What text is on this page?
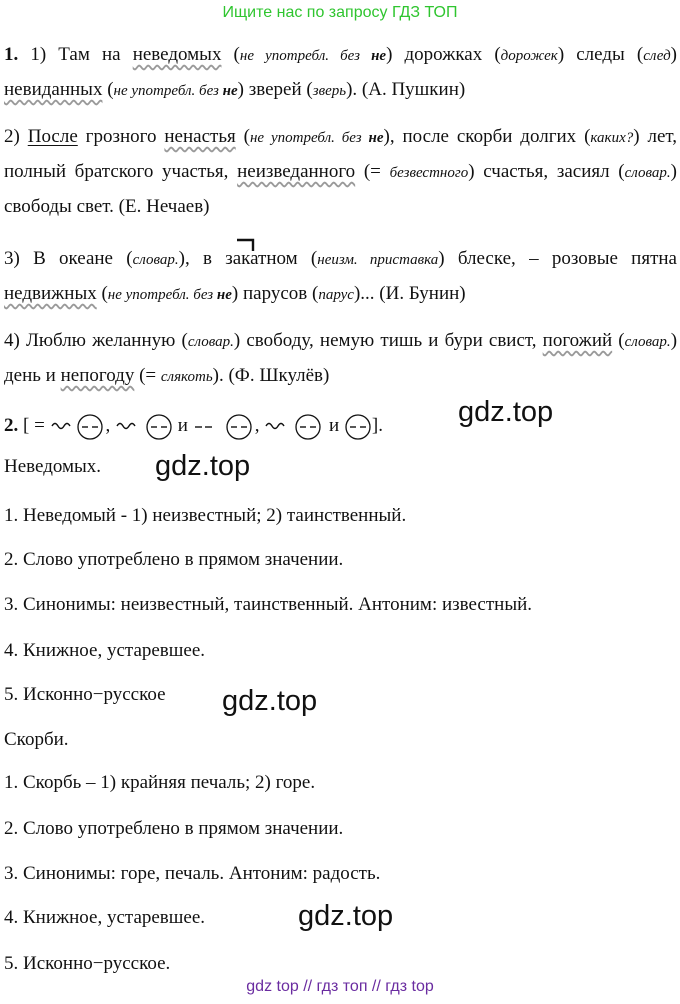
Ищите нас по запросу ГДЗ ТОП
1. 1) Там на неведомых (не употребл. без не) дорожках (дорожек) следы (след) невиданных (не употребл. без не) зверей (зверь). (А. Пушкин)
2) После грозного ненастья (не употребл. без не), после скорби долгих (каких?) лет, полный братского участья, неизведанного (= безвестного) счастья, засиял (словар.) свободы свет. (Е. Нечаев)
3) В океане (словар.), в закатном (неизм. приставка) блеске, – розовые пятна недвижных (не употребл. без не) парусов (парус)... (И. Бунин)
4) Люблю желанную (словар.) свободу, немую тишь и бури свист, погожий (словар.) день и непогоду (= слякоть). (Ф. Шкулёв)
2. [ =	,	и	,	и ].
Неведомых.
1. Неведомый - 1) неизвестный; 2) таинственный.
2. Слово употреблено в прямом значении.
3. Синонимы: неизвестный, таинственный. Антоним: известный.
4. Книжное, устаревшее.
5. Исконно−русское
Скорби.
1. Скорбь – 1) крайняя печаль; 2) горе.
2. Слово употреблено в прямом значении.
3. Синонимы: горе, печаль. Антоним: радость.
4. Книжное, устаревшее.
5. Исконно−русское.
gdz.top
gdz.top
gdz.top
gdz.top
gdz top // гдз топ // гдз top
